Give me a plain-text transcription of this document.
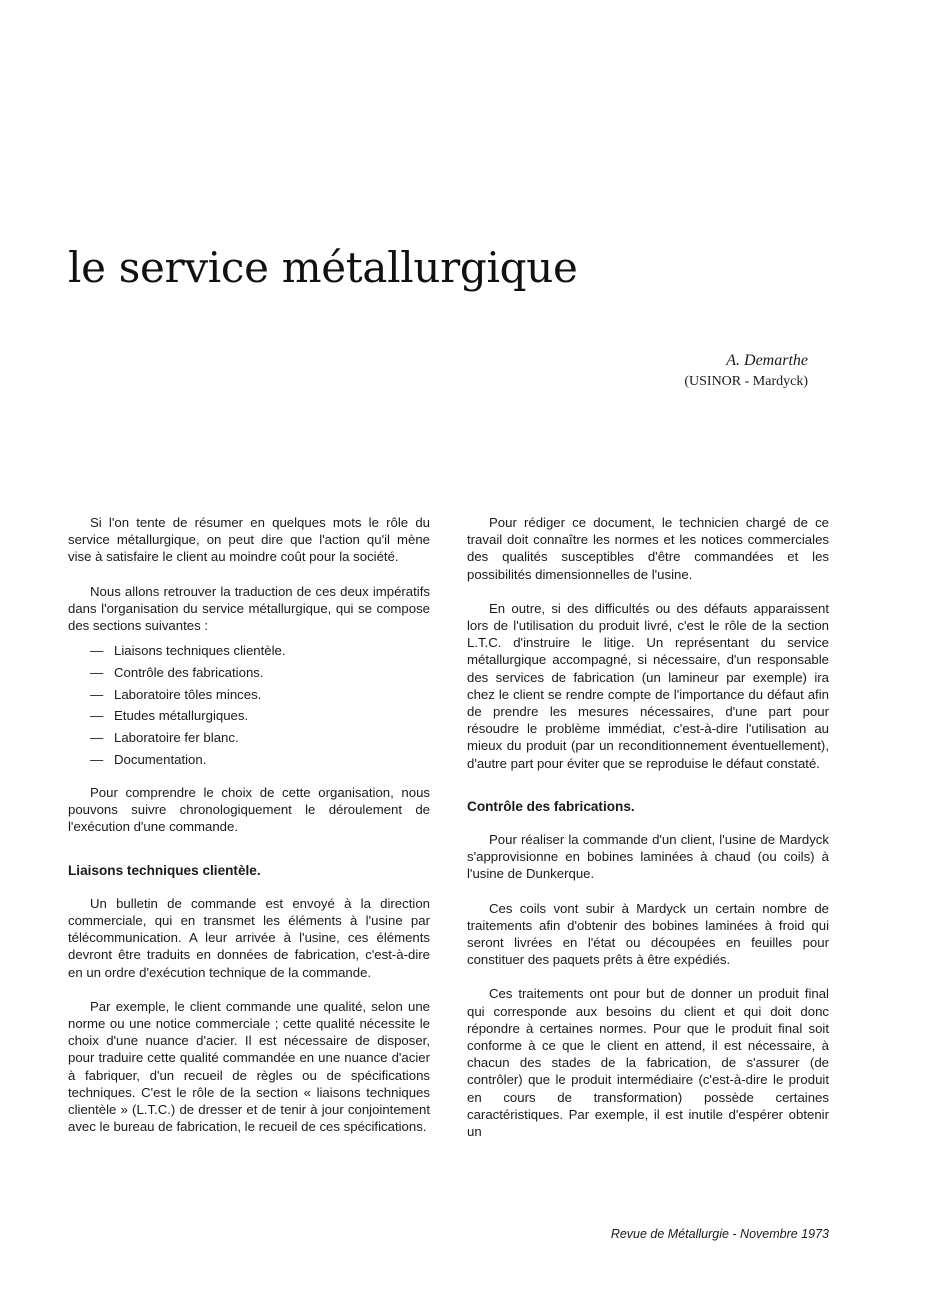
le service métallurgique

A. Demarthe

(USINOR - Mardyck)

Si l'on tente de résumer en quelques mots le rôle du service métallurgique, on peut dire que l'action qu'il mène vise à satisfaire le client au moindre coût pour la société.

Nous allons retrouver la traduction de ces deux impératifs dans l'organisation du service métallurgique, qui se compose des sections suivantes :

— Liaisons techniques clientèle.
— Contrôle des fabrications.
— Laboratoire tôles minces.
— Etudes métallurgiques.
— Laboratoire fer blanc.
— Documentation.

Pour comprendre le choix de cette organisation, nous pouvons suivre chronologiquement le déroulement de l'exécution d'une commande.

Liaisons techniques clientèle.

Un bulletin de commande est envoyé à la direction commerciale, qui en transmet les éléments à l'usine par télécommunication. A leur arrivée à l'usine, ces éléments devront être traduits en données de fabrication, c'est-à-dire en un ordre d'exécution technique de la commande.

Par exemple, le client commande une qualité, selon une norme ou une notice commerciale ; cette qualité nécessite le choix d'une nuance d'acier. Il est nécessaire de disposer, pour traduire cette qualité commandée en une nuance d'acier à fabriquer, d'un recueil de règles ou de spécifications techniques. C'est le rôle de la section « liaisons techniques clientèle » (L.T.C.) de dresser et de tenir à jour conjointement avec le bureau de fabrication, le recueil de ces spécifications.

Pour rédiger ce document, le technicien chargé de ce travail doit connaître les normes et les notices commerciales des qualités susceptibles d'être commandées et les possibilités dimensionnelles de l'usine.

En outre, si des difficultés ou des défauts apparaissent lors de l'utilisation du produit livré, c'est le rôle de la section L.T.C. d'instruire le litige. Un représentant du service métallurgique accompagné, si nécessaire, d'un responsable des services de fabrication (un lamineur par exemple) ira chez le client se rendre compte de l'importance du défaut afin de prendre les mesures nécessaires, d'une part pour résoudre le problème immédiat, c'est-à-dire l'utilisation au mieux du produit (par un reconditionnement éventuellement), d'autre part pour éviter que se reproduise le défaut constaté.

Contrôle des fabrications.

Pour réaliser la commande d'un client, l'usine de Mardyck s'approvisionne en bobines laminées à chaud (ou coils) à l'usine de Dunkerque.

Ces coils vont subir à Mardyck un certain nombre de traitements afin d'obtenir des bobines laminées à froid qui seront livrées en l'état ou découpées en feuilles pour constituer des paquets prêts à être expédiés.

Ces traitements ont pour but de donner un produit final qui corresponde aux besoins du client et qui doit donc répondre à certaines normes. Pour que le produit final soit conforme à ce que le client en attend, il est nécessaire, à chacun des stades de la fabrication, de s'assurer (de contrôler) que le produit intermédiaire (c'est-à-dire le produit en cours de transformation) possède certaines caractéristiques. Par exemple, il est inutile d'espérer obtenir un

Revue de Métallurgie - Novembre 1973
